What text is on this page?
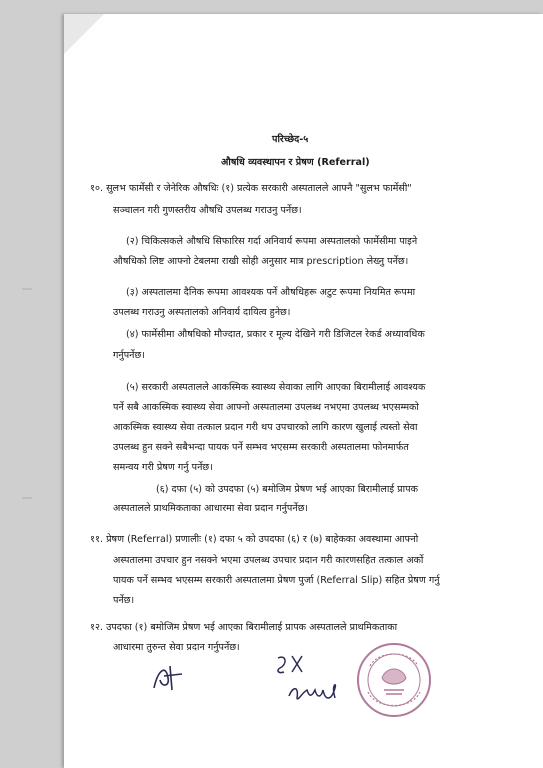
परिच्छेद-५
औषधि व्यवस्थापन र प्रेषण (Referral)
१०. सुलभ फार्मेसी र जेनेरिक औषधिः (१) प्रत्येक सरकारी अस्पतालले आफ्नै "सुलभ फार्मेसी"
सञ्चालन गरी गुणस्तरीय औषधि उपलब्ध गराउनु पर्नेछ।
(२) चिकित्सकले औषधि सिफारिस गर्दा अनिवार्य रूपमा अस्पतालको फार्मेसीमा पाइने
औषधिको लिष्ट आफ्नो टेबलमा राखी सोही अनुसार मात्र prescription लेख्नु पर्नेछ।
(३) अस्पतालमा दैनिक रूपमा आवश्यक पर्ने औषधिहरू अटुट रूपमा नियमित रूपमा
उपलब्ध गराउनु अस्पतालको अनिवार्य दायित्व हुनेछ।
(४) फार्मेसीमा औषधिको मौज्दात, प्रकार र मूल्य देखिने गरी डिजिटल रेकर्ड अध्यावधिक
गर्नुपर्नेछ।
(५) सरकारी अस्पतालले आकस्मिक स्वास्थ्य सेवाका लागि आएका बिरामीलाई आवश्यक
पर्ने सबै आकस्मिक स्वास्थ्य सेवा आफ्नो अस्पतालमा उपलब्ध नभएमा उपलब्ध भएसम्मको
आकस्मिक स्वास्थ्य सेवा तत्काल प्रदान गरी थप उपचारको लागि कारण खुलाई त्यस्तो सेवा
उपलब्ध हुन सक्ने सबैभन्दा पायक पर्ने सम्भव भएसम्म सरकारी अस्पतालमा फोनमार्फत
समन्वय गरी प्रेषण गर्नु पर्नेछ।
(६) दफा (५) को उपदफा (५) बमोजिम प्रेषण भई आएका बिरामीलाई प्रापक
अस्पतालले प्राथमिकताका आधारमा सेवा प्रदान गर्नुपर्नेछ।
११. प्रेषण (Referral) प्रणालीः (१) दफा ५ को उपदफा (६) र (७) बाहेकका अवस्थामा आफ्नो
अस्पतालमा उपचार हुन नसक्ने भएमा उपलब्ध उपचार प्रदान गरी कारणसहित तत्काल अर्को
पायक पर्ने सम्भव भएसम्म सरकारी अस्पतालमा प्रेषण पुर्जा (Referral Slip) सहित प्रेषण गर्नु
पर्नेछ।
१२. उपदफा (१) बमोजिम प्रेषण भई आएका बिरामीलाई प्रापक अस्पतालले प्राथमिकताका
आधारमा तुरुन्त सेवा प्रदान गर्नुपर्नेछ।
